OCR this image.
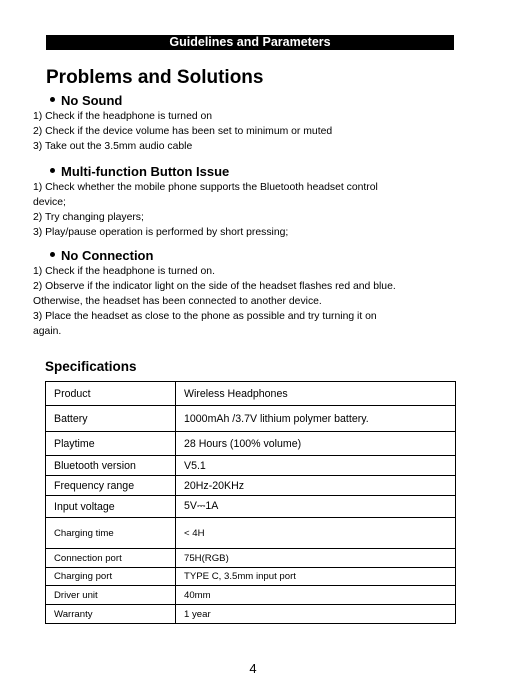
Guidelines and Parameters
Problems and Solutions
No Sound
1) Check if the headphone is turned on
2) Check if the device volume has been set to minimum or muted
3) Take out the 3.5mm audio cable
Multi-function Button Issue
1) Check whether the mobile phone supports the Bluetooth headset control
device;
2) Try changing players;
3) Play/pause operation is performed by short pressing;
No Connection
1) Check if the headphone is turned on.
2) Observe if the indicator light on the side of the headset flashes red and blue.
Otherwise, the headset has been connected to another device.
3) Place the headset as close to the phone as possible and try turning it on
again.
Specifications
Product	Wireless Headphones
Battery	1000mAh /3.7V lithium polymer battery.
Playtime	28 Hours (100% volume)
Bluetooth version	V5.1
Frequency range	20Hz-20KHz
Input voltage	5V⎓1A
Charging time	< 4H
Connection port	75H(RGB)
Charging port	TYPE C, 3.5mm input port
Driver unit	40mm
Warranty	1 year
4
